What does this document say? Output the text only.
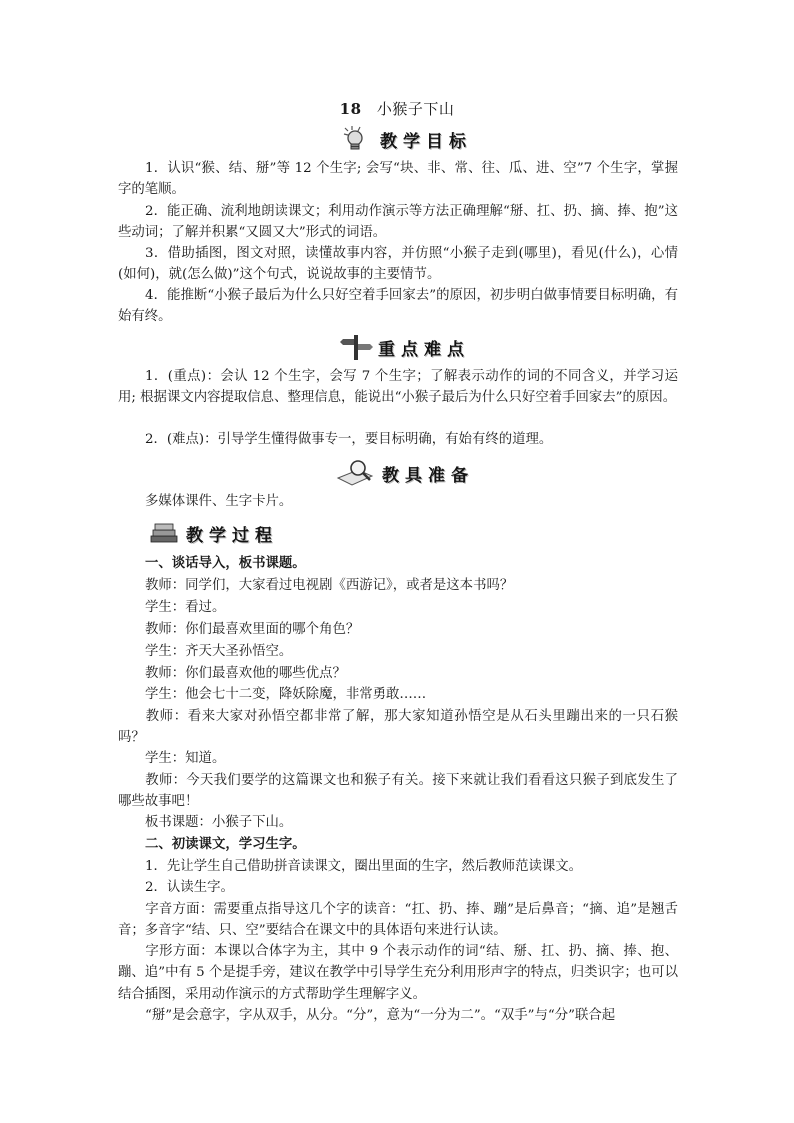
18 小猴子下山
教学目标
1．认识“猴、结、掰”等 12 个生字; 会写“块、非、常、往、瓜、进、空”7 个生字，掌握字的笔顺。
2．能正确、流利地朗读课文；利用动作演示等方法正确理解“掰、扛、扔、摘、捧、抱”这些动词；了解并积累“又圆又大”形式的词语。
3．借助插图，图文对照，读懂故事内容，并仿照“小猴子走到(哪里)，看见(什么)，心情(如何)，就(怎么做)”这个句式，说说故事的主要情节。
4．能推断“小猴子最后为什么只好空着手回家去”的原因，初步明白做事情要目标明确，有始有终。
重点难点
1．(重点)：会认 12 个生字，会写 7 个生字；了解表示动作的词的不同含义，并学习运用; 根据课文内容提取信息、整理信息，能说出“小猴子最后为什么只好空着手回家去”的原因。
2．(难点)：引导学生懂得做事专一，要目标明确，有始有终的道理。
教具准备
多媒体课件、生字卡片。
教学过程
一、谈话导入，板书课题。
教师：同学们，大家看过电视剧《西游记》，或者是这本书吗？
学生：看过。
教师：你们最喜欢里面的哪个角色？
学生：齐天大圣孙悟空。
教师：你们最喜欢他的哪些优点？
学生：他会七十二变，降妖除魔，非常勇敢……
教师：看来大家对孙悟空都非常了解，那大家知道孙悟空是从石头里蹦出来的一只石猴吗？
学生：知道。
教师：今天我们要学的这篇课文也和猴子有关。接下来就让我们看看这只猴子到底发生了哪些故事吧！
板书课题：小猴子下山。
二、初读课文，学习生字。
1．先让学生自己借助拼音读课文，圈出里面的生字，然后教师范读课文。
2．认读生字。
字音方面：需要重点指导这几个字的读音：“扛、扔、捧、蹦”是后鼻音；“摘、追”是翘舌音；多音字“结、只、空”要结合在课文中的具体语句来进行认读。
字形方面：本课以合体字为主，其中 9 个表示动作的词“结、掰、扛、扔、摘、捧、抱、蹦、追”中有 5 个是提手旁，建议在教学中引导学生充分利用形声字的特点，归类识字；也可以结合插图，采用动作演示的方式帮助学生理解字义。
“掰”是会意字，字从双手，从分。“分”，意为“一分为二”。“双手”与“分”联合起
